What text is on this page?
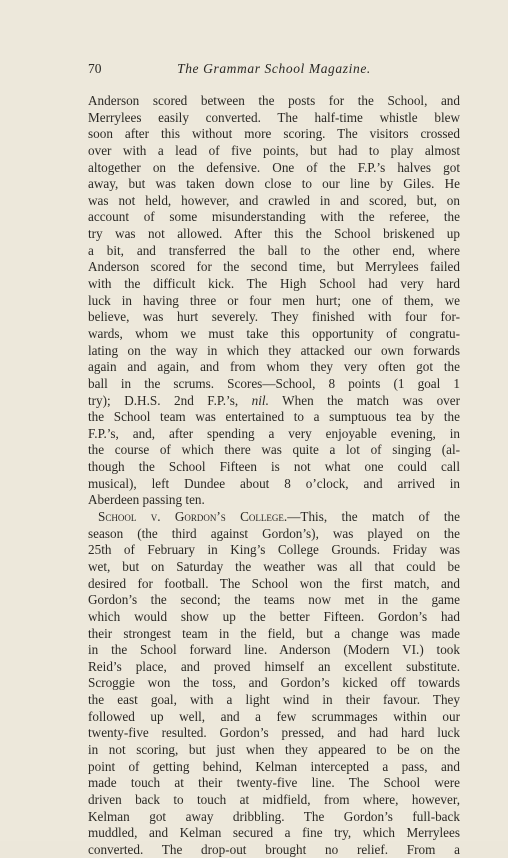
70	The Grammar School Magazine.
Anderson scored between the posts for the School, and
Merrylees easily converted. The half-time whistle blew
soon after this without more scoring. The visitors crossed
over with a lead of five points, but had to play almost
altogether on the defensive. One of the F.P.’s halves got
away, but was taken down close to our line by Giles. He
was not held, however, and crawled in and scored, but, on
account of some misunderstanding with the referee, the
try was not allowed. After this the School briskened up
a bit, and transferred the ball to the other end, where
Anderson scored for the second time, but Merrylees failed
with the difficult kick. The High School had very hard
luck in having three or four men hurt; one of them, we
believe, was hurt severely. They finished with four for-
wards, whom we must take this opportunity of congratu-
lating on the way in which they attacked our own forwards
again and again, and from whom they very often got the
ball in the scrums. Scores—School, 8 points (1 goal 1
try); D.H.S. 2nd F.P.’s, nil. When the match was over
the School team was entertained to a sumptuous tea by the
F.P.’s, and, after spending a very enjoyable evening, in
the course of which there was quite a lot of singing (al-
though the School Fifteen is not what one could call
musical), left Dundee about 8 o’clock, and arrived in
Aberdeen passing ten.
School v. Gordon’s College.—This, the match of the
season (the third against Gordon’s), was played on the
25th of February in King’s College Grounds. Friday was
wet, but on Saturday the weather was all that could be
desired for football. The School won the first match, and
Gordon’s the second; the teams now met in the game
which would show up the better Fifteen. Gordon’s had
their strongest team in the field, but a change was made
in the School forward line. Anderson (Modern VI.) took
Reid’s place, and proved himself an excellent substitute.
Scroggie won the toss, and Gordon’s kicked off towards
the east goal, with a light wind in their favour. They
followed up well, and a few scrummages within our
twenty-five resulted. Gordon’s pressed, and had hard luck
in not scoring, but just when they appeared to be on the
point of getting behind, Kelman intercepted a pass, and
made touch at their twenty-five line. The School were
driven back to touch at midfield, from where, however,
Kelman got away dribbling. The Gordon’s full-back
muddled, and Kelman secured a fine try, which Merrylees
converted. The drop-out brought no relief. From a
